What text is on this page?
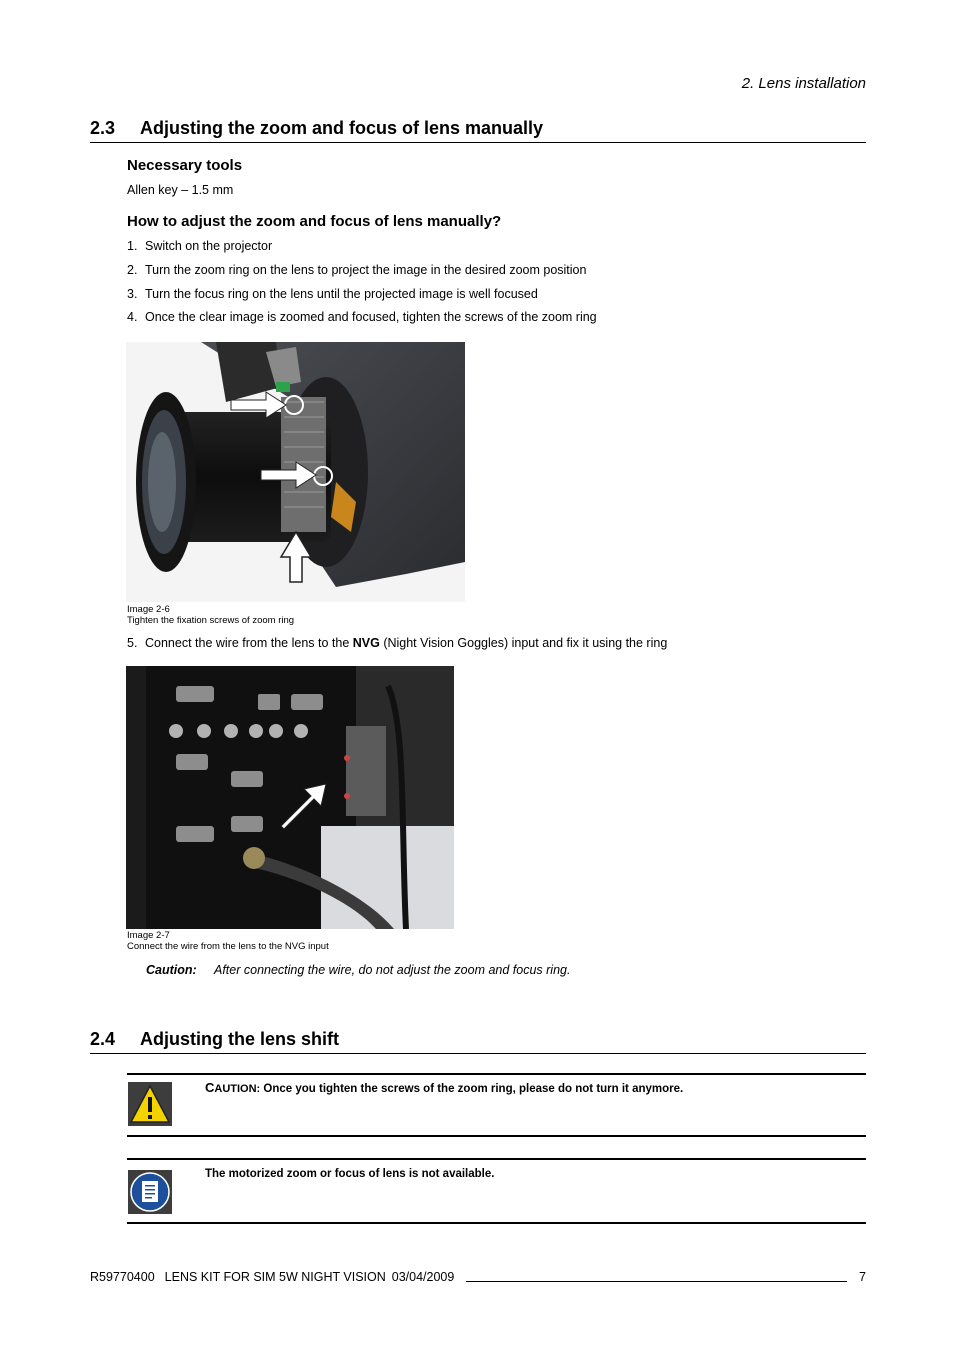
2. Lens installation
2.3 Adjusting the zoom and focus of lens manually
Necessary tools
Allen key – 1.5 mm
How to adjust the zoom and focus of lens manually?
1. Switch on the projector
2. Turn the zoom ring on the lens to project the image in the desired zoom position
3. Turn the focus ring on the lens until the projected image is well focused
4. Once the clear image is zoomed and focused, tighten the screws of the zoom ring
Image 2-6
Tighten the fixation screws of zoom ring
5. Connect the wire from the lens to the NVG (Night Vision Goggles) input and fix it using the ring
Image 2-7
Connect the wire from the lens to the NVG input
Caution: After connecting the wire, do not adjust the zoom and focus ring.
2.4 Adjusting the lens shift
CAUTION: Once you tighten the screws of the zoom ring, please do not turn it anymore.
The motorized zoom or focus of lens is not available.
R59770400 LENS KIT FOR SIM 5W NIGHT VISION 03/04/2009	7
